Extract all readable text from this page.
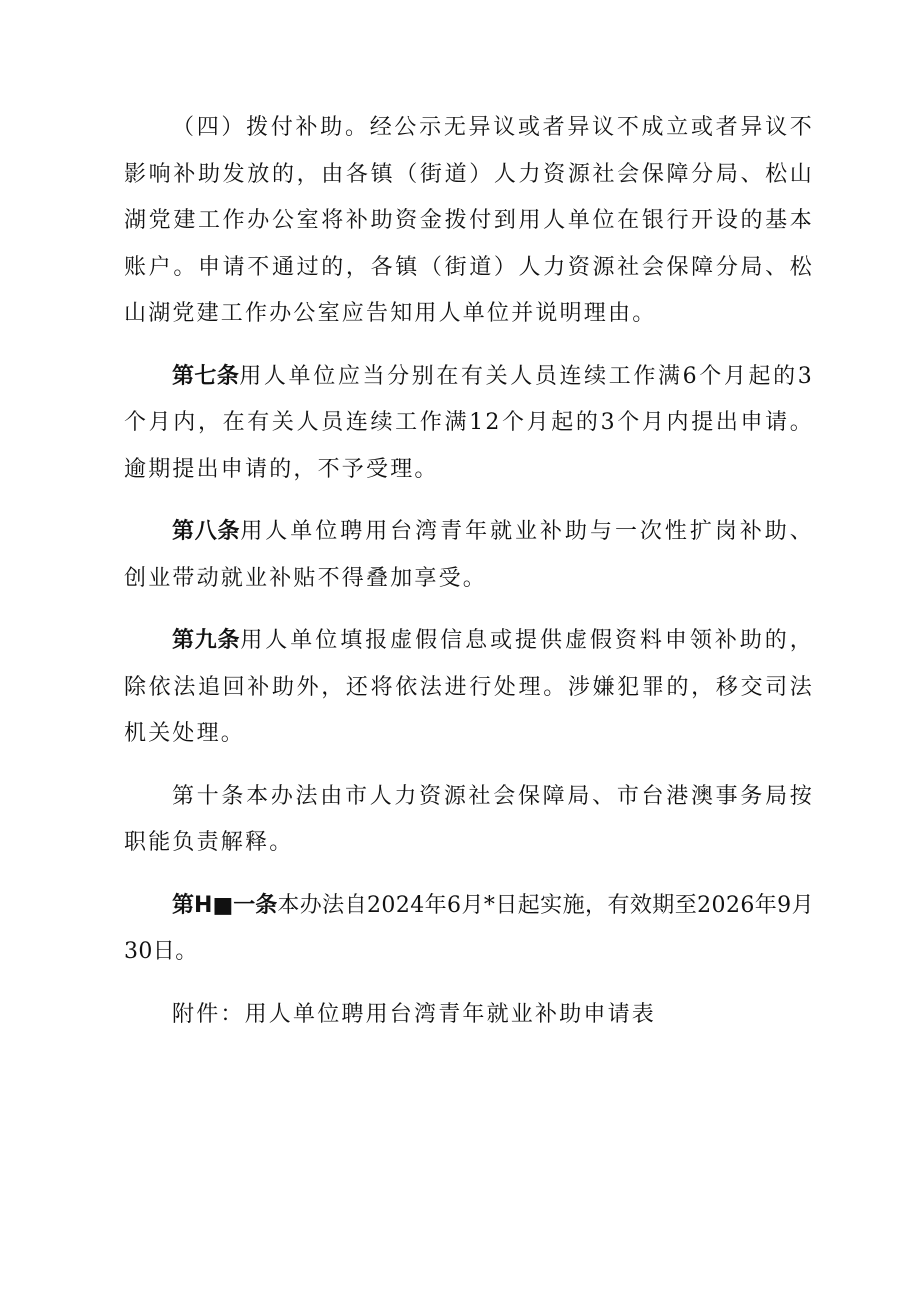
（四）拨付补助。经公示无异议或者异议不成立或者异议不影响补助发放的，由各镇（街道）人力资源社会保障分局、松山湖党建工作办公室将补助资金拨付到用人单位在银行开设的基本账户。申请不通过的，各镇（街道）人力资源社会保障分局、松山湖党建工作办公室应告知用人单位并说明理由。

第七条用人单位应当分别在有关人员连续工作满6个月起的3个月内，在有关人员连续工作满12个月起的3个月内提出申请。逾期提出申请的，不予受理。

第八条用人单位聘用台湾青年就业补助与一次性扩岗补助、创业带动就业补贴不得叠加享受。

第九条用人单位填报虚假信息或提供虚假资料申领补助的，除依法追回补助外，还将依法进行处理。涉嫌犯罪的，移交司法机关处理。

第十条本办法由市人力资源社会保障局、市台港澳事务局按职能负责解释。

第H■一条本办法自2024年6月*日起实施，有效期至2026年9月30日。

附件：用人单位聘用台湾青年就业补助申请表
